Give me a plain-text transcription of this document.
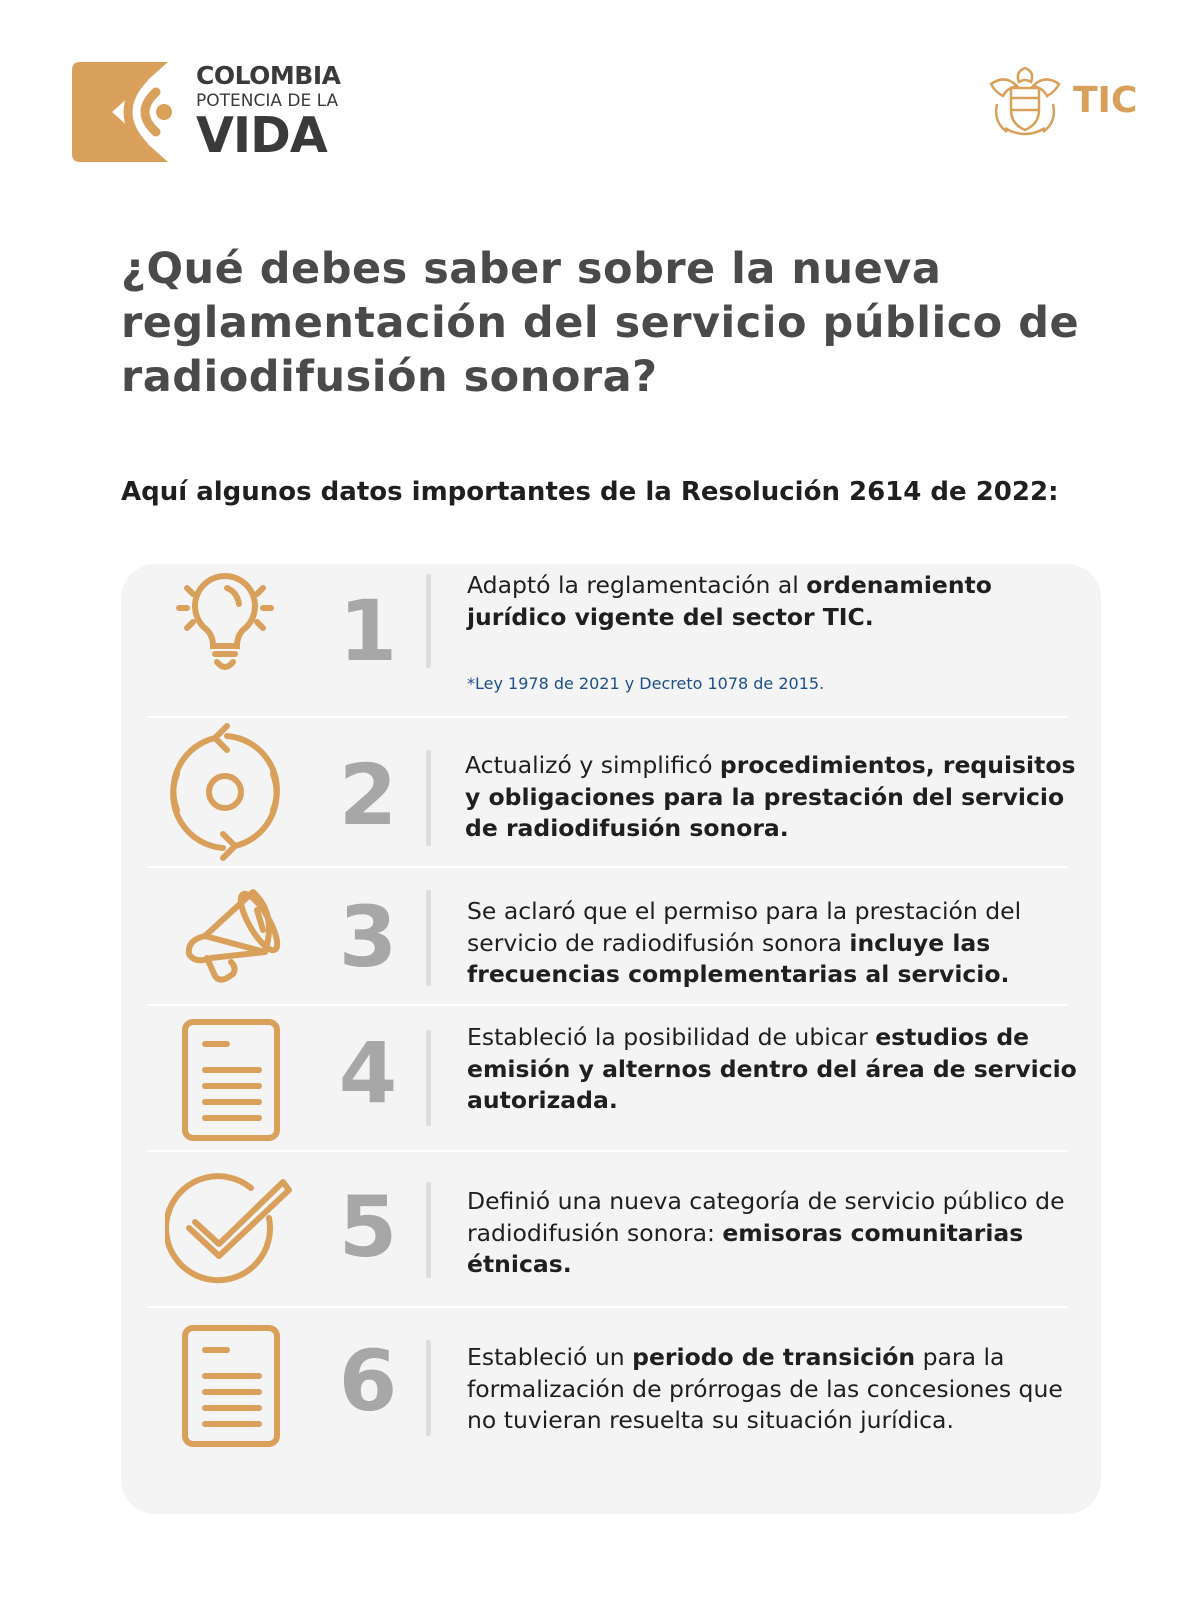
COLOMBIA
POTENCIA DE LA
VIDA
TIC
¿Qué debes saber sobre la nueva reglamentación del servicio público de radiodifusión sonora?
Aquí algunos datos importantes de la Resolución 2614 de 2022:
1	Adaptó la reglamentación al ordenamiento jurídico vigente del sector TIC.
*Ley 1978 de 2021 y Decreto 1078 de 2015.
2	Actualizó y simplificó procedimientos, requisitos y obligaciones para la prestación del servicio de radiodifusión sonora.
3	Se aclaró que el permiso para la prestación del servicio de radiodifusión sonora incluye las frecuencias complementarias al servicio.
4	Estableció la posibilidad de ubicar estudios de emisión y alternos dentro del área de servicio autorizada.
5	Definió una nueva categoría de servicio público de radiodifusión sonora: emisoras comunitarias étnicas.
6	Estableció un periodo de transición para la formalización de prórrogas de las concesiones que no tuvieran resuelta su situación jurídica.
